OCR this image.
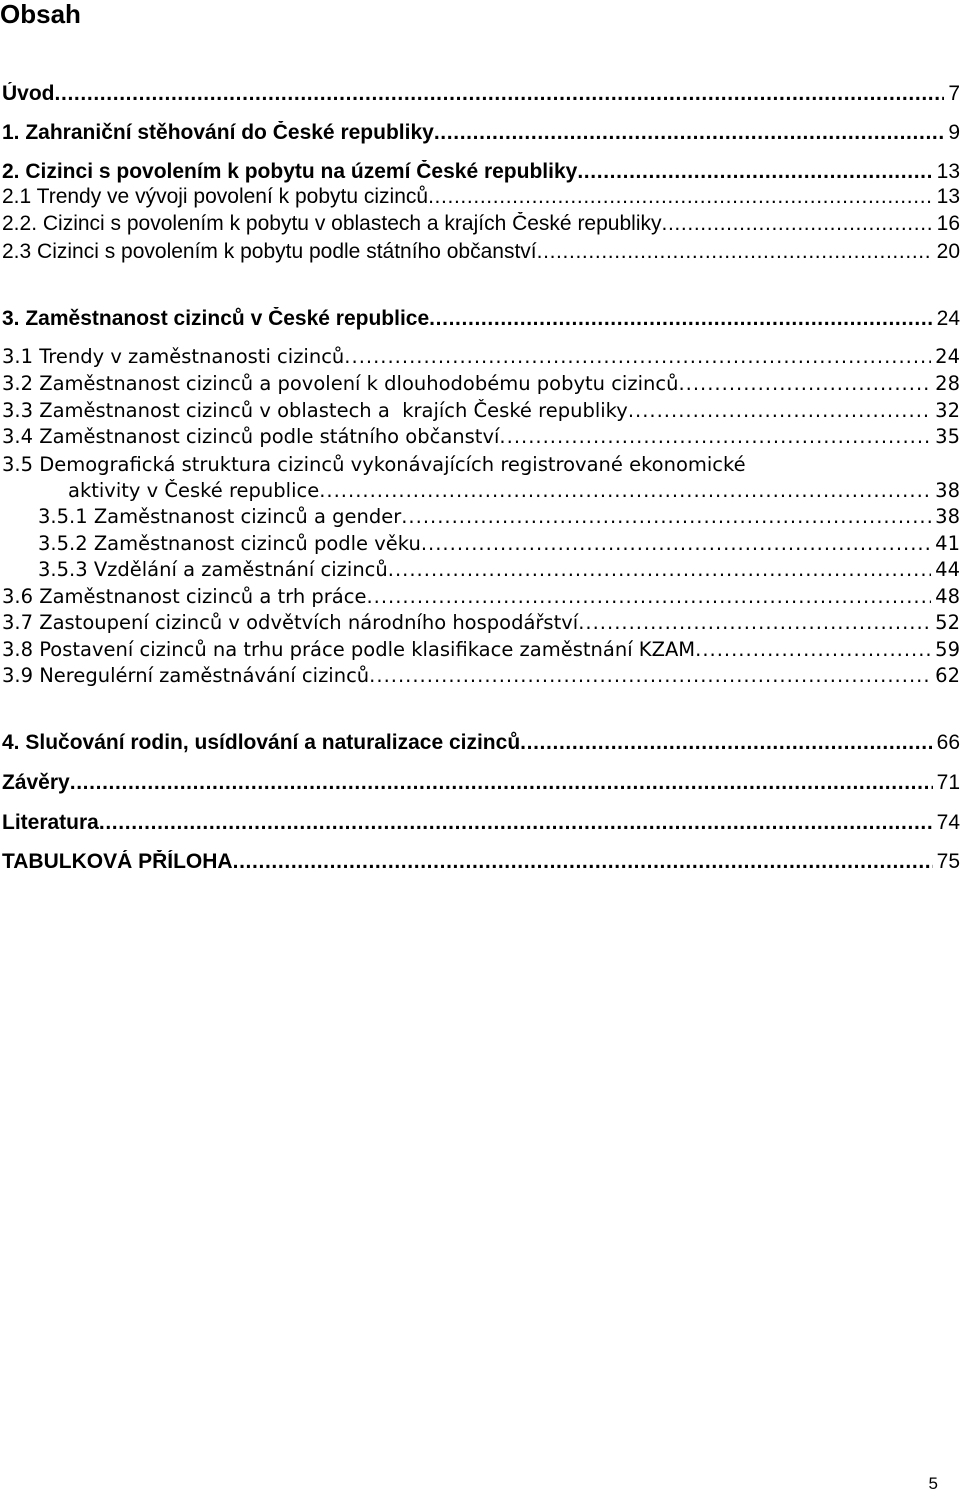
Obsah
Úvod . . .	7
1. Zahraniční stěhování do České republiky . . .	9
2. Cizinci s povolením k pobytu na území České republiky . . .	13
2.1 Trendy ve vývoji povolení k pobytu cizinců . . .	13
2.2. Cizinci s povolením k pobytu v oblastech a krajích České republiky . . .	16
2.3 Cizinci s povolením k pobytu podle státního občanství . . .	20
3. Zaměstnanost cizinců v České republice . . .	24
3.1 Trendy v zaměstnanosti cizinců . . .	24
3.2 Zaměstnanost cizinců a povolení k dlouhodobému pobytu cizinců . . .	28
3.3 Zaměstnanost cizinců v oblastech a  krajích České republiky . . .	32
3.4 Zaměstnanost cizinců podle státního občanství . . .	35
3.5 Demografická struktura cizinců vykonávajících registrované ekonomické
aktivity v České republice . . .	38
3.5.1 Zaměstnanost cizinců a gender . . .	38
3.5.2 Zaměstnanost cizinců podle věku . . .	41
3.5.3 Vzdělání a zaměstnání cizinců . . .	44
3.6 Zaměstnanost cizinců a trh práce . . .	48
3.7 Zastoupení cizinců v odvětvích národního hospodářství . . .	52
3.8 Postavení cizinců na trhu práce podle klasifikace zaměstnání KZAM . . .	59
3.9 Neregulérní zaměstnávání cizinců . . .	62
4. Slučování rodin, usídlování a naturalizace cizinců . . .	66
Závěry . . .	71
Literatura . . .	74
TABULKOVÁ PŘÍLOHA . . .	75
5
